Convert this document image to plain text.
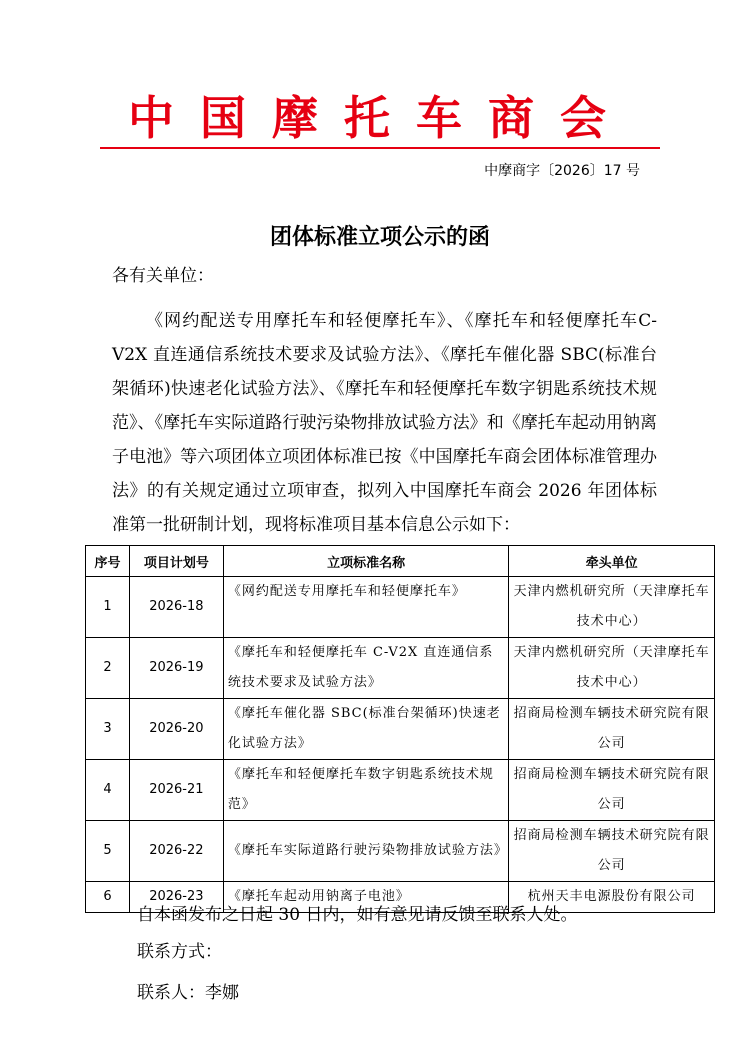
中国摩托车商会
中摩商字〔2026〕17 号
团体标准立项公示的函
各有关单位：
《网约配送专用摩托车和轻便摩托车》、《摩托车和轻便摩托车C-V2X 直连通信系统技术要求及试验方法》、《摩托车催化器 SBC(标准台架循环)快速老化试验方法》、《摩托车和轻便摩托车数字钥匙系统技术规范》、《摩托车实际道路行驶污染物排放试验方法》和《摩托车起动用钠离子电池》等六项团体立项团体标准已按《中国摩托车商会团体标准管理办法》的有关规定通过立项审查，拟列入中国摩托车商会 2026 年团体标准第一批研制计划，现将标准项目基本信息公示如下：
序号	项目计划号	立项标准名称	牵头单位
1	2026-18	《网约配送专用摩托车和轻便摩托车》	天津内燃机研究所（天津摩托车技术中心）
2	2026-19	《摩托车和轻便摩托车 C-V2X 直连通信系统技术要求及试验方法》	天津内燃机研究所（天津摩托车技术中心）
3	2026-20	《摩托车催化器 SBC(标准台架循环)快速老化试验方法》	招商局检测车辆技术研究院有限公司
4	2026-21	《摩托车和轻便摩托车数字钥匙系统技术规范》	招商局检测车辆技术研究院有限公司
5	2026-22	《摩托车实际道路行驶污染物排放试验方法》	招商局检测车辆技术研究院有限公司
6	2026-23	《摩托车起动用钠离子电池》	杭州天丰电源股份有限公司
自本函发布之日起 30 日内，如有意见请反馈至联系人处。
联系方式：
联系人：李娜
